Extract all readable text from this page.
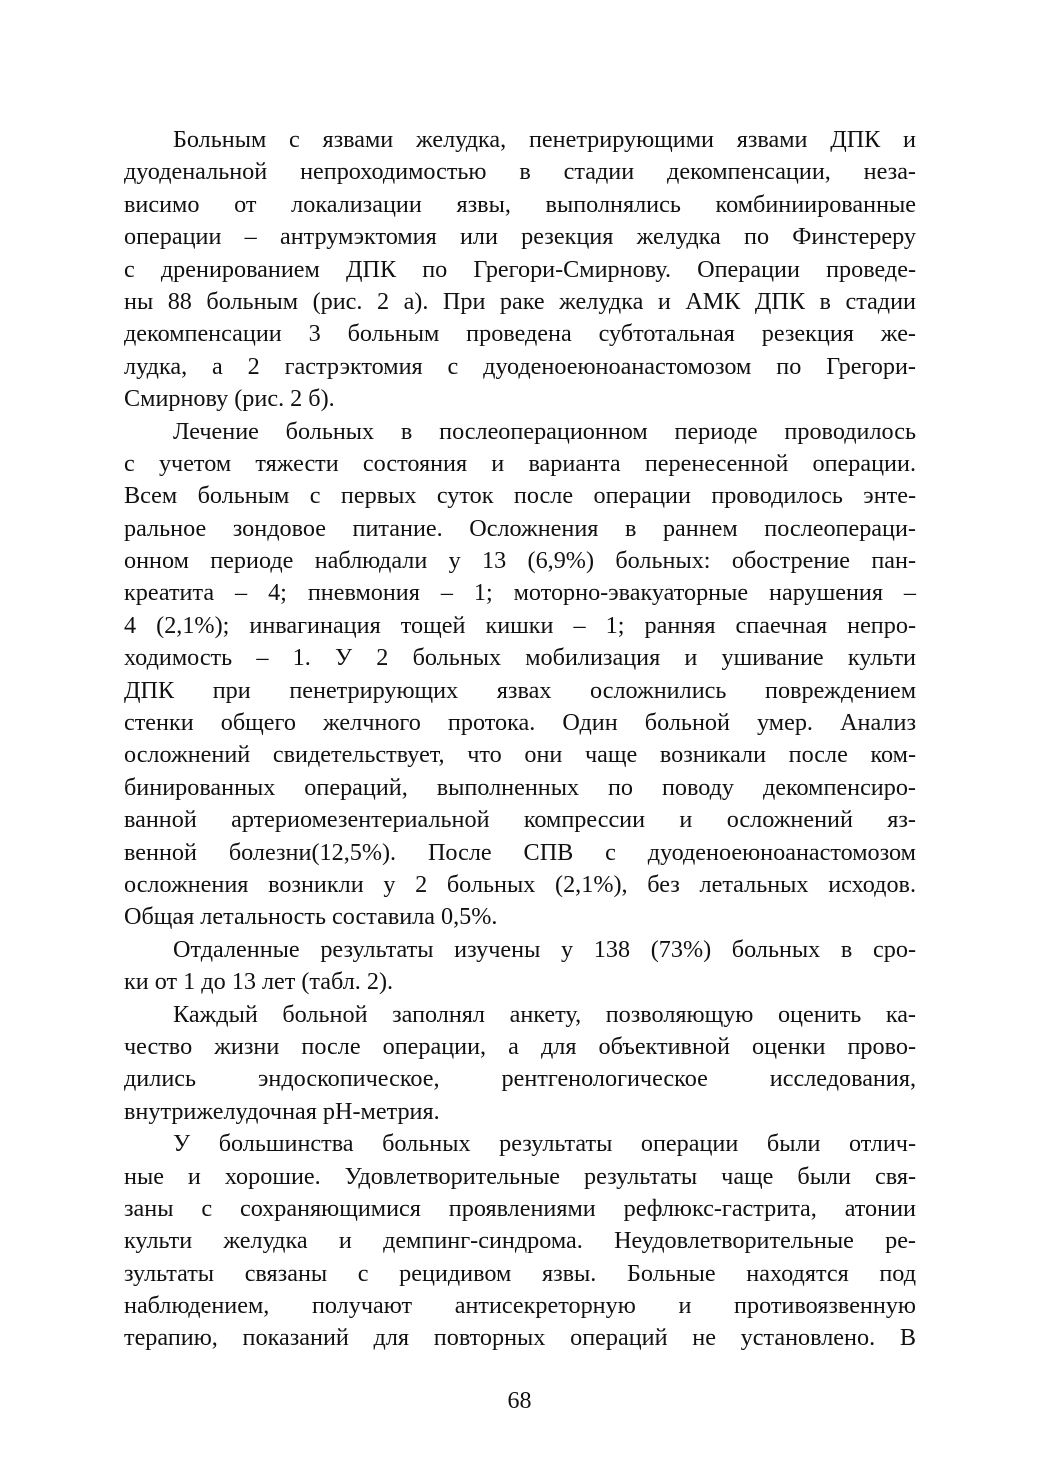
Больным с язвами желудка, пенетрирующими язвами ДПК и
дуоденальной непроходимостью в стадии декомпенсации, неза-
висимо от локализации язвы, выполнялись комбиниированные
операции – антрумэктомия или резекция желудка по Финстереру
с дренированием ДПК по Грегори-Смирнову. Операции проведе-
ны 88 больным (рис. 2 а). При раке желудка и АМК ДПК в стадии
декомпенсации 3 больным проведена субтотальная резекция же-
лудка, а 2 гастрэктомия с дуоденоеюноанастомозом по Грегори-
Смирнову (рис. 2 б).
Лечение больных в послеоперационном периоде проводилось
с учетом тяжести состояния и варианта перенесенной операции.
Всем больным с первых суток после операции проводилось энте-
ральное зондовое питание. Осложнения в раннем послеопераци-
онном периоде наблюдали у 13 (6,9%) больных: обострение пан-
креатита – 4; пневмония – 1; моторно-эвакуаторные нарушения –
4 (2,1%); инвагинация тощей кишки – 1; ранняя спаечная непро-
ходимость – 1. У 2 больных мобилизация и ушивание культи
ДПК при пенетрирующих язвах осложнились повреждением
стенки общего желчного протока. Один больной умер. Анализ
осложнений свидетельствует, что они чаще возникали после ком-
бинированных операций, выполненных по поводу декомпенсиро-
ванной артериомезентериальной компрессии и осложнений яз-
венной болезни(12,5%). После СПВ с дуоденоеюноанастомозом
осложнения возникли у 2 больных (2,1%), без летальных исходов.
Общая летальность составила 0,5%.
Отдаленные результаты изучены у 138 (73%) больных в сро-
ки от 1 до 13 лет (табл. 2).
Каждый больной заполнял анкету, позволяющую оценить ка-
чество жизни после операции, а для объективной оценки прово-
дились эндоскопическое, рентгенологическое исследования,
внутрижелудочная pH-метрия.
У большинства больных результаты операции были отлич-
ные и хорошие. Удовлетворительные результаты чаще были свя-
заны с сохраняющимися проявлениями рефлюкс-гастрита, атонии
культи желудка и демпинг-синдрома. Неудовлетворительные ре-
зультаты связаны с рецидивом язвы. Больные находятся под
наблюдением, получают антисекреторную и противоязвенную
терапию, показаний для повторных операций не установлено. В
68
